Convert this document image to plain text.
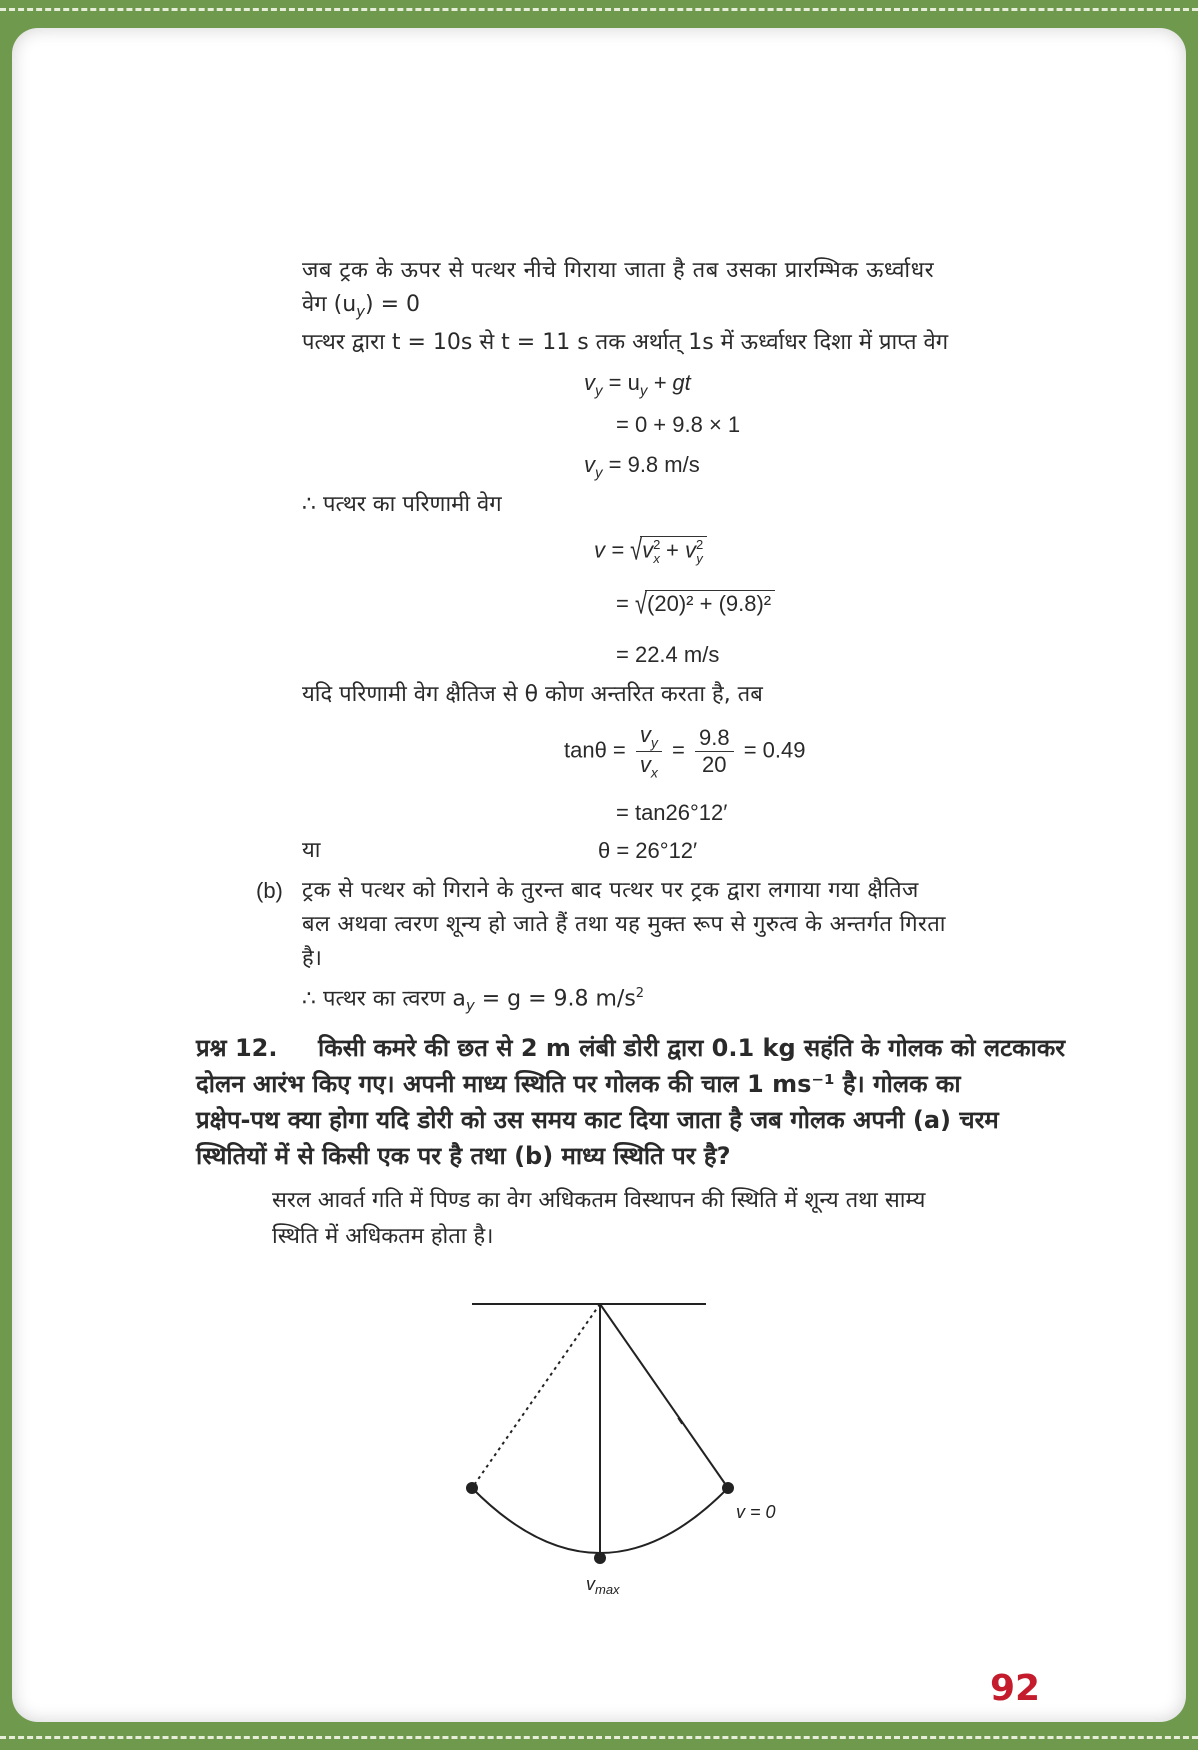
जब ट्रक के ऊपर से पत्थर नीचे गिराया जाता है तब उसका प्रारम्भिक ऊर्ध्वाधर
वेग $(u_y) = 0$
पत्थर द्वारा t = 10s से t = 11 s तक अर्थात् 1s में ऊर्ध्वाधर दिशा में प्राप्त वेग
$v_y = u_y$ + gt
= 0 + 9.8 × 1
$v_y = 9.8$ m/s
∴ पत्थर का परिणामी वेग
$v = √v^2_x + v^2_y$
= √(20)² + (9.8)²
= 22.4 m/s
यदि परिणामी वेग क्षैतिज से θ कोण अन्तरित करता है, तब
$\tan\theta = \frac{v_y}{v_x} = \frac{9.8}{20} = 0.49$
= tan26°12′
या	θ = 26°12′
(b) ट्रक से पत्थर को गिराने के तुरन्त बाद पत्थर पर ट्रक द्वारा लगाया गया क्षैतिज
बल अथवा त्वरण शून्य हो जाते हैं तथा यह मुक्त रूप से गुरुत्व के अन्तर्गत गिरता
है।
∴ पत्थर का त्वरण $a_y = g = 9.8$ $m/s^2$
प्रश्न 12. किसी कमरे की छत से 2 m लंबी डोरी द्वारा 0.1 kg सहंति के गोलक को लटकाकर
दोलन आरंभ किए गए। अपनी माध्य स्थिति पर गोलक की चाल 1 ms⁻¹ है। गोलक का
प्रक्षेप-पथ क्या होगा यदि डोरी को उस समय काट दिया जाता है जब गोलक अपनी (a) चरम
स्थितियों में से किसी एक पर है तथा (b) माध्य स्थिति पर है?
सरल आवर्त गति में पिण्ड का वेग अधिकतम विस्थापन की स्थिति में शून्य तथा साम्य
स्थिति में अधिकतम होता है।
v = 0
$v_{max}$
92
